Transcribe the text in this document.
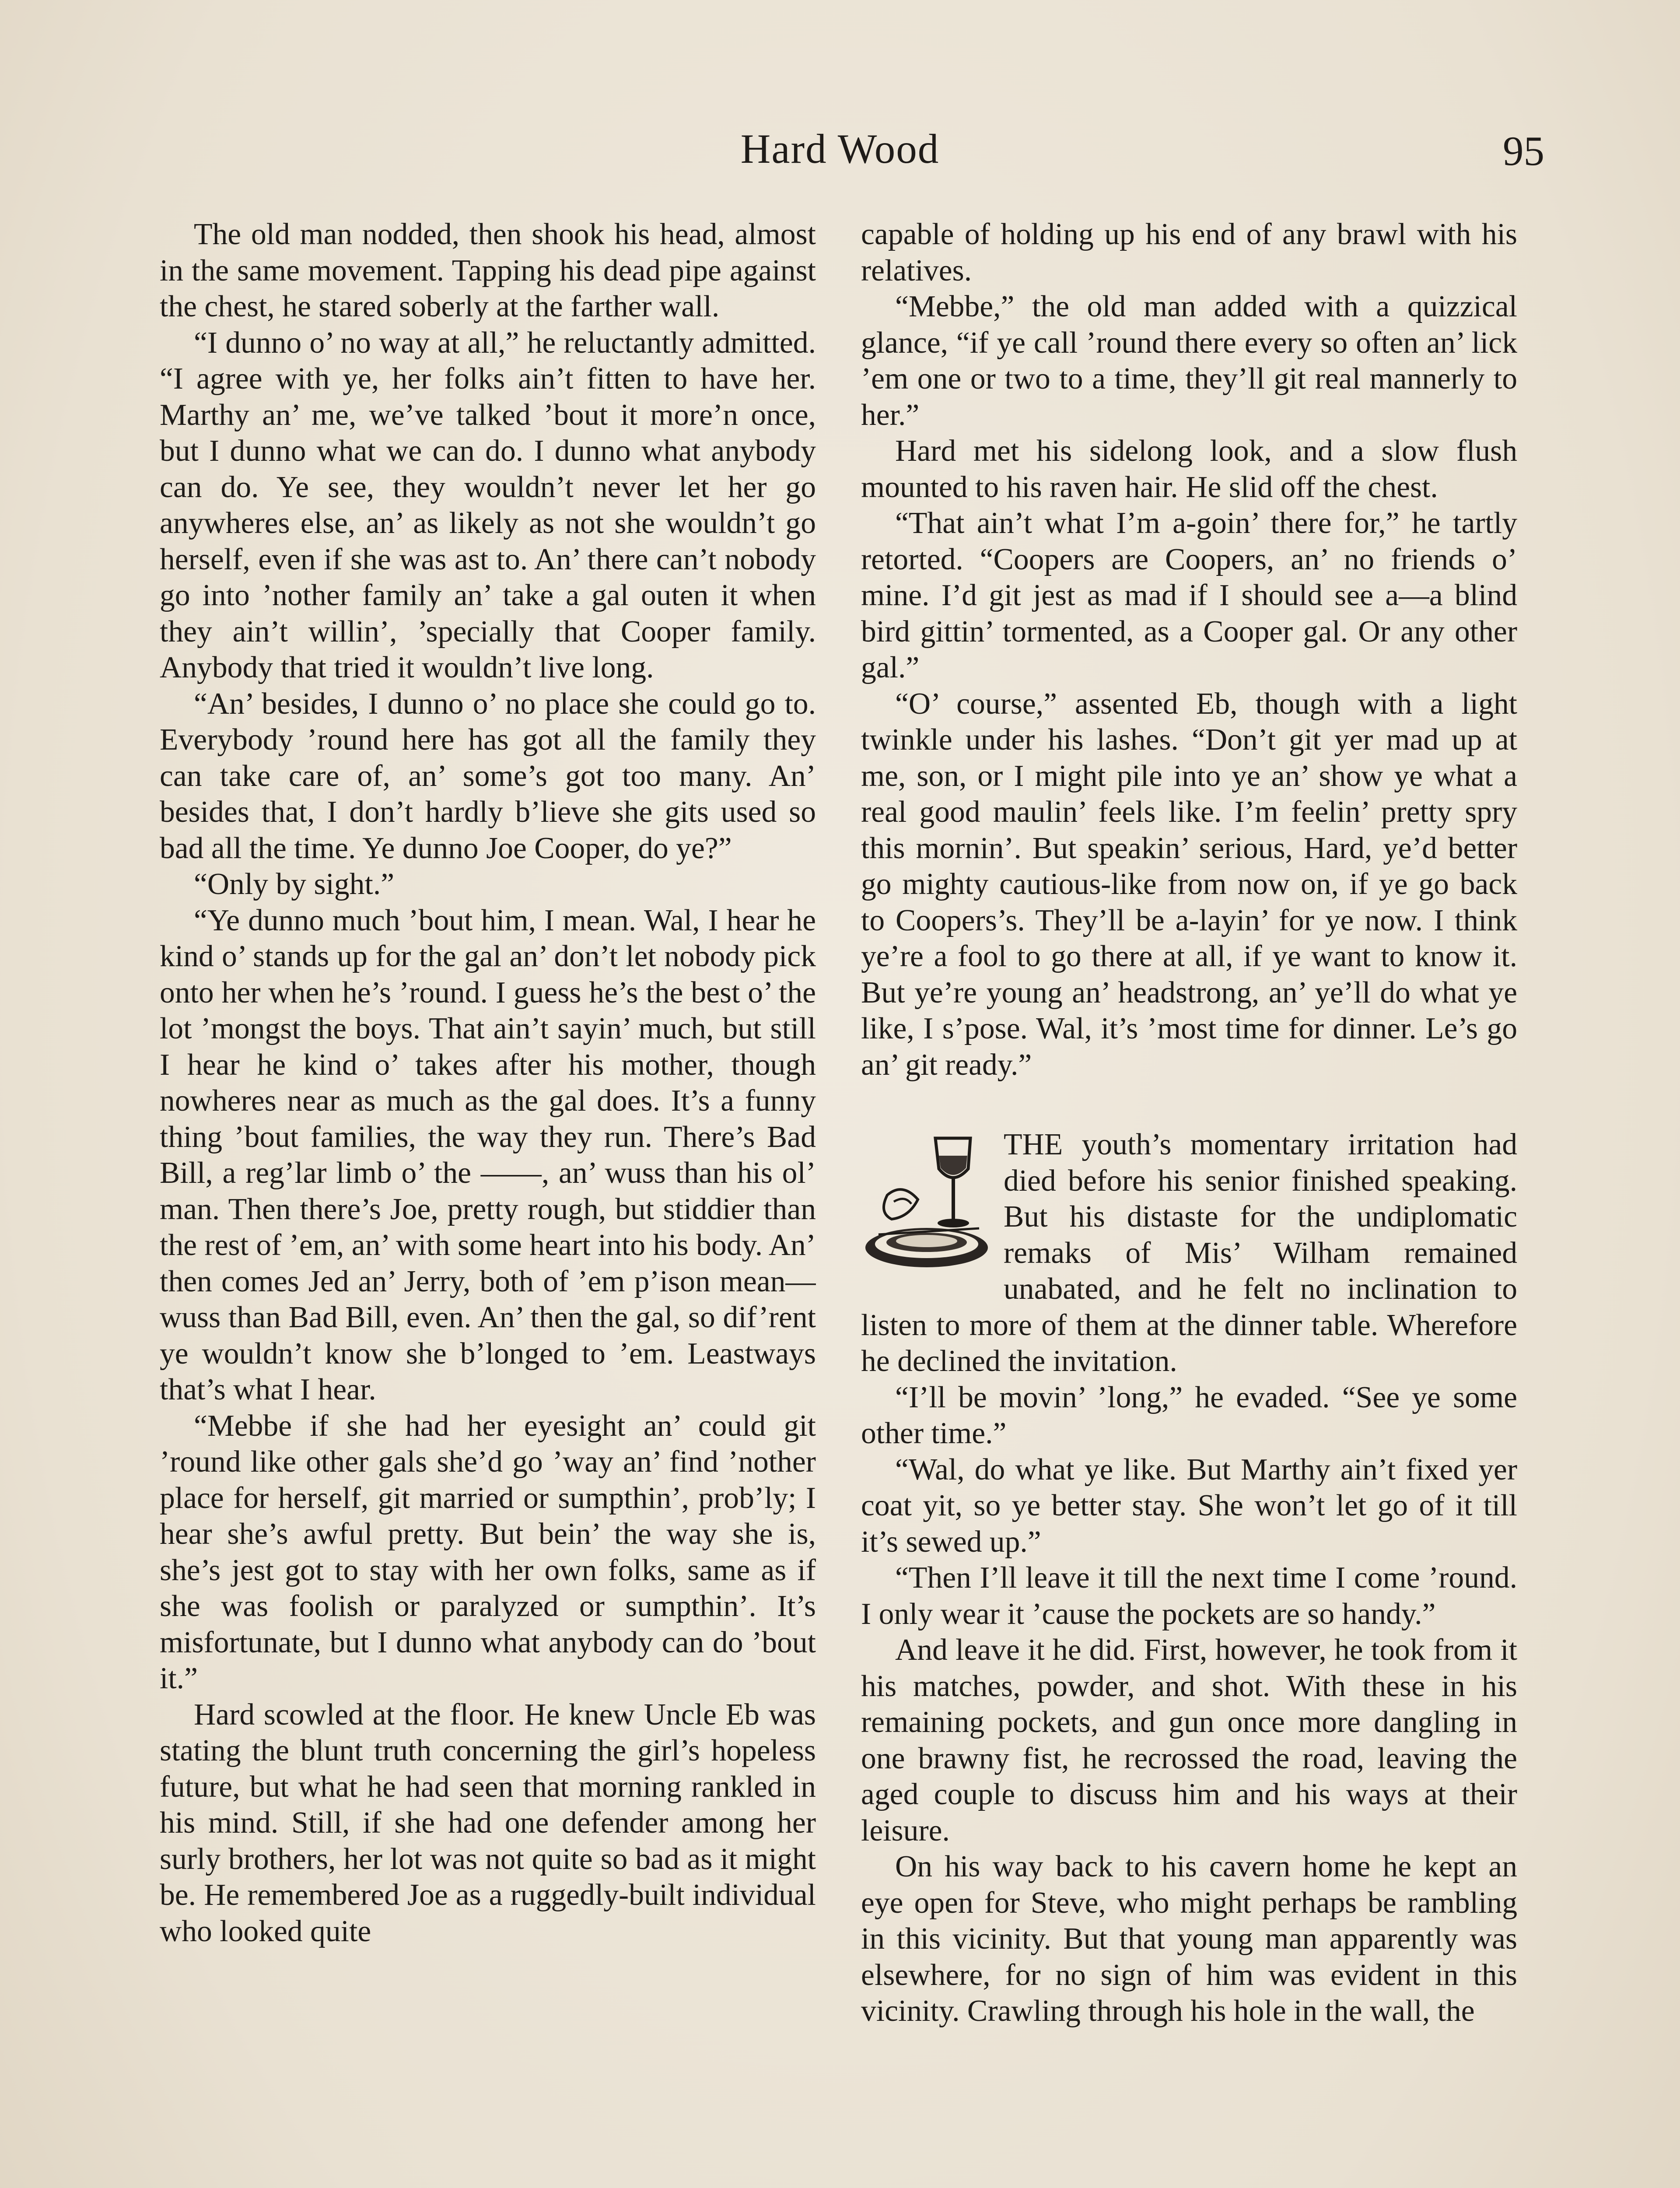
Hard Wood	95

The old man nodded, then shook his head, almost in the same movement. Tapping his dead pipe against the chest, he stared soberly at the farther wall.

“I dunno o’ no way at all,” he reluctantly admitted. “I agree with ye, her folks ain’t fitten to have her. Marthy an’ me, we’ve talked ’bout it more’n once, but I dunno what we can do. I dunno what anybody can do. Ye see, they wouldn’t never let her go anywheres else, an’ as likely as not she wouldn’t go herself, even if she was ast to. An’ there can’t nobody go into ’nother family an’ take a gal outen it when they ain’t willin’, ’specially that Cooper family. Anybody that tried it wouldn’t live long.

“An’ besides, I dunno o’ no place she could go to. Everybody ’round here has got all the family they can take care of, an’ some’s got too many. An’ besides that, I don’t hardly b’lieve she gits used so bad all the time. Ye dunno Joe Cooper, do ye?”

“Only by sight.”

“Ye dunno much ’bout him, I mean. Wal, I hear he kind o’ stands up for the gal an’ don’t let nobody pick onto her when he’s ’round. I guess he’s the best o’ the lot ’mongst the boys. That ain’t sayin’ much, but still I hear he kind o’ takes after his mother, though nowheres near as much as the gal does. It’s a funny thing ’bout families, the way they run. There’s Bad Bill, a reg’lar limb o’ the ——, an’ wuss than his ol’ man. Then there’s Joe, pretty rough, but stiddier than the rest of ’em, an’ with some heart into his body. An’ then comes Jed an’ Jerry, both of ’em p’ison mean—wuss than Bad Bill, even. An’ then the gal, so dif’rent ye wouldn’t know she b’longed to ’em. Leastways that’s what I hear.

“Mebbe if she had her eyesight an’ could git ’round like other gals she’d go ’way an’ find ’nother place for herself, git married or sumpthin’, prob’ly; I hear she’s awful pretty. But bein’ the way she is, she’s jest got to stay with her own folks, same as if she was foolish or paralyzed or sumpthin’. It’s misfortunate, but I dunno what anybody can do ’bout it.”

Hard scowled at the floor. He knew Uncle Eb was stating the blunt truth concerning the girl’s hopeless future, but what he had seen that morning rankled in his mind. Still, if she had one defender among her surly brothers, her lot was not quite so bad as it might be. He remembered Joe as a ruggedly-built individual who looked quite

capable of holding up his end of any brawl with his relatives.

“Mebbe,” the old man added with a quizzical glance, “if ye call ’round there every so often an’ lick ’em one or two to a time, they’ll git real mannerly to her.”

Hard met his sidelong look, and a slow flush mounted to his raven hair. He slid off the chest.

“That ain’t what I’m a-goin’ there for,” he tartly retorted. “Coopers are Coopers, an’ no friends o’ mine. I’d git jest as mad if I should see a—a blind bird gittin’ tormented, as a Cooper gal. Or any other gal.”

“O’ course,” assented Eb, though with a light twinkle under his lashes. “Don’t git yer mad up at me, son, or I might pile into ye an’ show ye what a real good maulin’ feels like. I’m feelin’ pretty spry this mornin’. But speakin’ serious, Hard, ye’d better go mighty cautious-like from now on, if ye go back to Coopers’s. They’ll be a-layin’ for ye now. I think ye’re a fool to go there at all, if ye want to know it. But ye’re young an’ headstrong, an’ ye’ll do what ye like, I s’pose. Wal, it’s ’most time for dinner. Le’s go an’ git ready.”

THE youth’s momentary irritation had died before his senior finished speaking. But his distaste for the undiplomatic remaks of Mis’ Wilham remained unabated, and he felt no inclination to listen to more of them at the dinner table. Wherefore he declined the invitation.

“I’ll be movin’ ’long,” he evaded. “See ye some other time.”

“Wal, do what ye like. But Marthy ain’t fixed yer coat yit, so ye better stay. She won’t let go of it till it’s sewed up.”

“Then I’ll leave it till the next time I come ’round. I only wear it ’cause the pockets are so handy.”

And leave it he did. First, however, he took from it his matches, powder, and shot. With these in his remaining pockets, and gun once more dangling in one brawny fist, he recrossed the road, leaving the aged couple to discuss him and his ways at their leisure.

On his way back to his cavern home he kept an eye open for Steve, who might perhaps be rambling in this vicinity. But that young man apparently was elsewhere, for no sign of him was evident in this vicinity. Crawling through his hole in the wall, the
